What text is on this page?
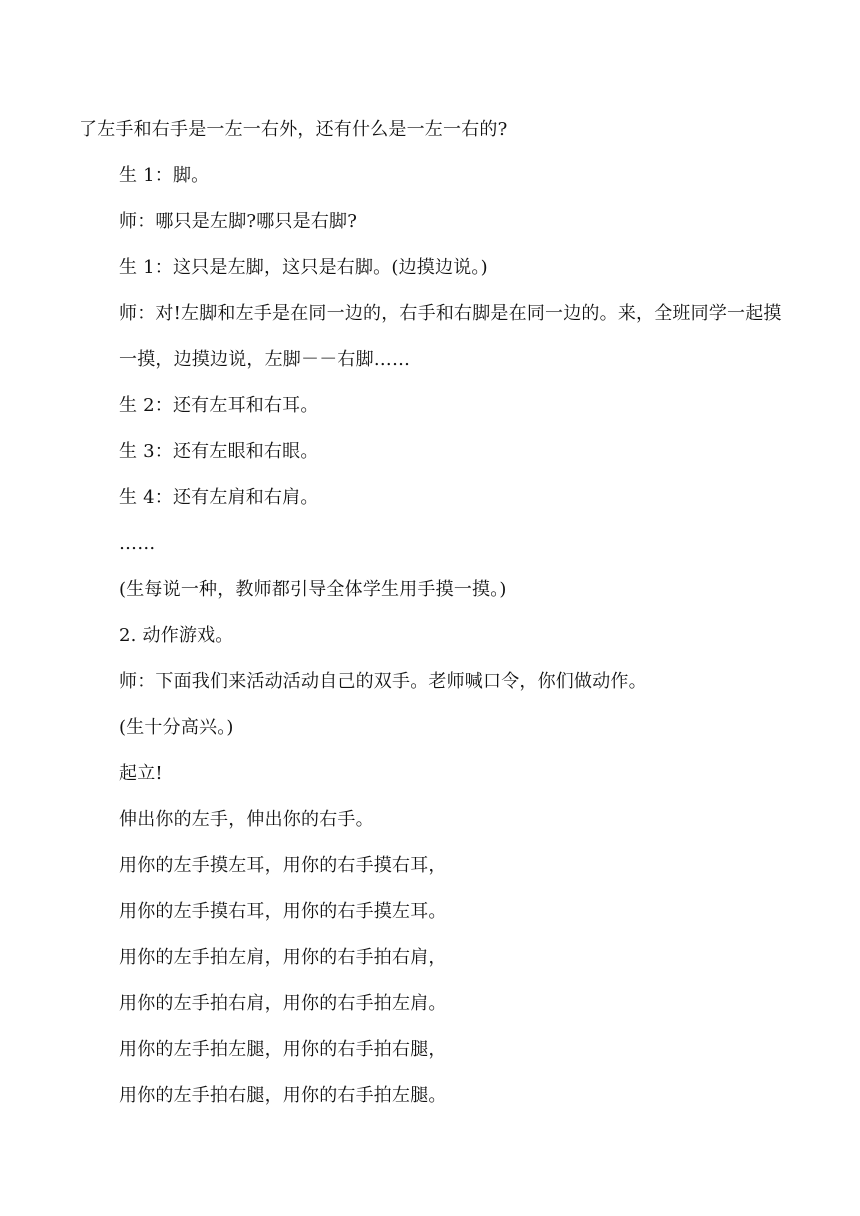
了左手和右手是一左一右外，还有什么是一左一右的?

生 1：脚。

师：哪只是左脚?哪只是右脚?

生 1：这只是左脚，这只是右脚。(边摸边说。)

师：对!左脚和左手是在同一边的，右手和右脚是在同一边的。来，全班同学一起摸一摸，边摸边说，左脚－－右脚……

生 2：还有左耳和右耳。

生 3：还有左眼和右眼。

生 4：还有左肩和右肩。

……

(生每说一种，教师都引导全体学生用手摸一摸。)

2. 动作游戏。

师：下面我们来活动活动自己的双手。老师喊口令，你们做动作。

(生十分高兴。)

起立!

伸出你的左手，伸出你的右手。

用你的左手摸左耳，用你的右手摸右耳，

用你的左手摸右耳，用你的右手摸左耳。

用你的左手拍左肩，用你的右手拍右肩，

用你的左手拍右肩，用你的右手拍左肩。

用你的左手拍左腿，用你的右手拍右腿，

用你的左手拍右腿，用你的右手拍左腿。
